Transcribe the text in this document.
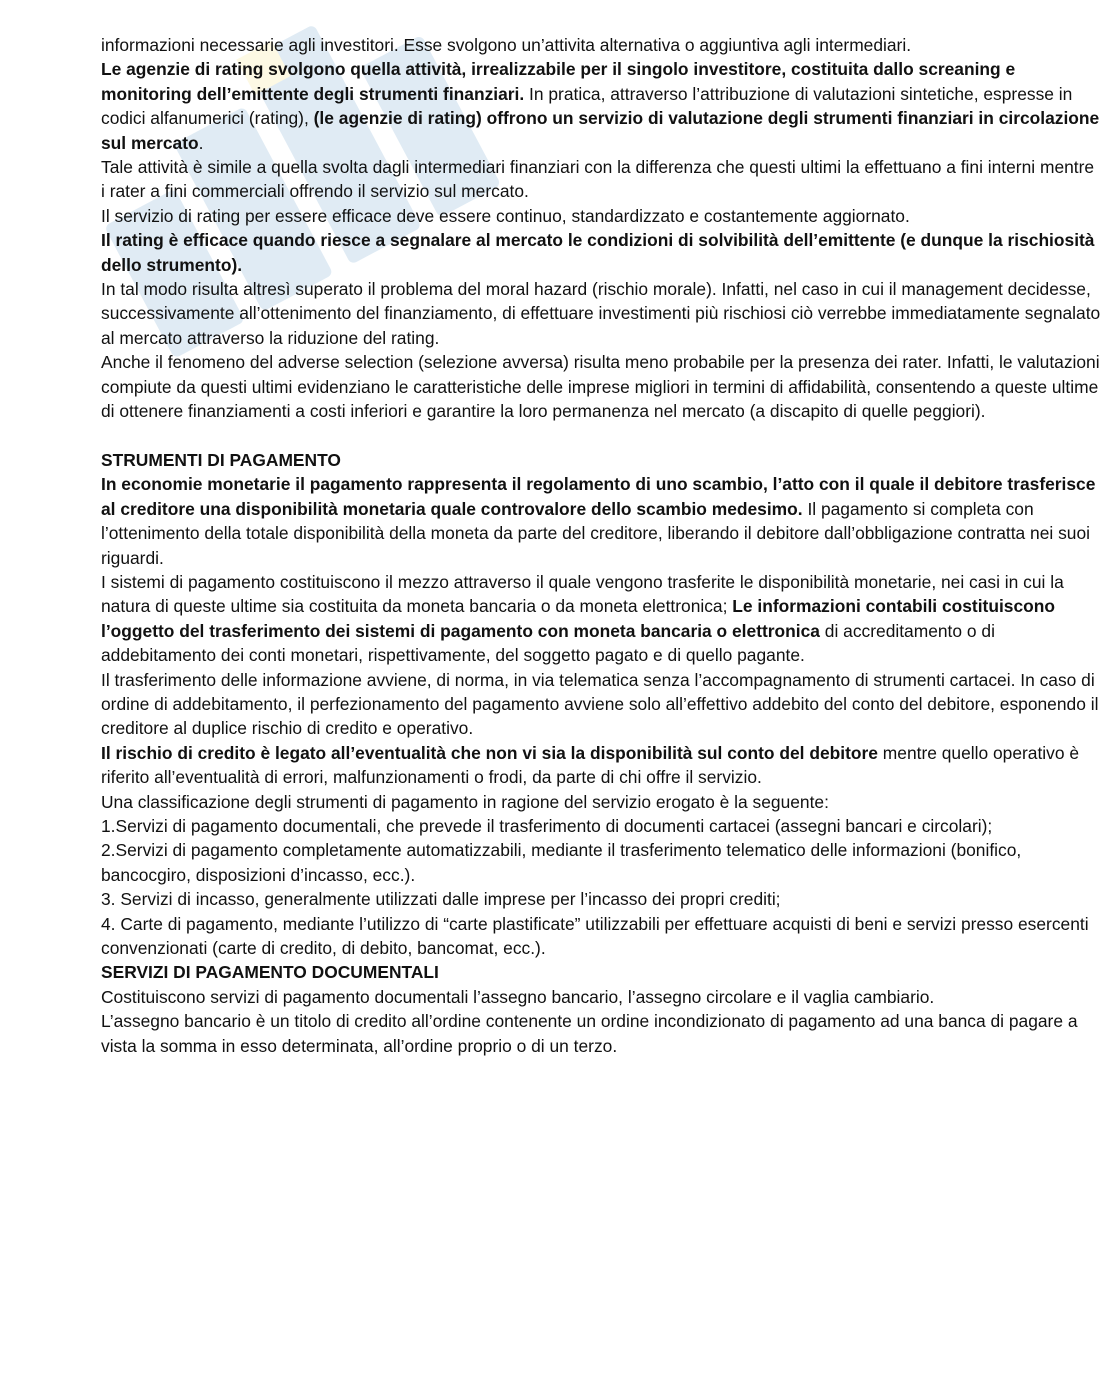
informazioni necessarie agli investitori. Esse svolgono un’attivita alternativa o aggiuntiva agli intermediari.

Le agenzie di rating svolgono quella attività, irrealizzabile per il singolo investitore, costituita dallo screaning e monitoring dell’emittente degli strumenti finanziari. In pratica, attraverso l’attribuzione di valutazioni sintetiche, espresse in codici alfanumerici (rating), (le agenzie di rating) offrono un servizio di valutazione degli strumenti finanziari in circolazione sul mercato.

Tale attività è simile a quella svolta dagli intermediari finanziari con la differenza che questi ultimi la effettuano a fini interni mentre i rater a fini commerciali offrendo il servizio sul mercato.

Il servizio di rating per essere efficace deve essere continuo, standardizzato e costantemente aggiornato.

Il rating è efficace quando riesce a segnalare al mercato le condizioni di solvibilità dell’emittente (e dunque la rischiosità dello strumento).

In tal modo risulta altresì superato il problema del moral hazard (rischio morale). Infatti, nel caso in cui il management decidesse, successivamente all’ottenimento del finanziamento, di effettuare investimenti più rischiosi ciò verrebbe immediatamente segnalato al mercato attraverso la riduzione del rating.

Anche il fenomeno del adverse selection (selezione avversa) risulta meno probabile per la presenza dei rater. Infatti, le valutazioni compiute da questi ultimi evidenziano le caratteristiche delle imprese migliori in termini di affidabilità, consentendo a queste ultime di ottenere finanziamenti a costi inferiori e garantire la loro permanenza nel mercato (a discapito di quelle peggiori).

STRUMENTI DI PAGAMENTO

In economie monetarie il pagamento rappresenta il regolamento di uno scambio, l’atto con il quale il debitore trasferisce al creditore una disponibilità monetaria quale controvalore dello scambio medesimo. Il pagamento si completa con l’ottenimento della totale disponibilità della moneta da parte del creditore, liberando il debitore dall’obbligazione contratta nei suoi riguardi.

I sistemi di pagamento costituiscono il mezzo attraverso il quale vengono trasferite le disponibilità monetarie, nei casi in cui la natura di queste ultime sia costituita da moneta bancaria o da moneta elettronica; Le informazioni contabili costituiscono l’oggetto del trasferimento dei sistemi di pagamento con moneta bancaria o elettronica di accreditamento o di addebitamento dei conti monetari, rispettivamente, del soggetto pagato e di quello pagante.

Il trasferimento delle informazione avviene, di norma, in via telematica senza l’accompagnamento di strumenti cartacei. In caso di ordine di addebitamento, il perfezionamento del pagamento avviene solo all’effettivo addebito del conto del debitore, esponendo il creditore al duplice rischio di credito e operativo.

Il rischio di credito è legato all’eventualità che non vi sia la disponibilità sul conto del debitore mentre quello operativo è riferito all’eventualità di errori, malfunzionamenti o frodi, da parte di chi offre il servizio.

Una classificazione degli strumenti di pagamento in ragione del servizio erogato è la seguente:

1.Servizi di pagamento documentali, che prevede il trasferimento di documenti cartacei (assegni bancari e circolari);

2.Servizi di pagamento completamente automatizzabili, mediante il trasferimento telematico delle informazioni (bonifico, bancocgiro, disposizioni d’incasso, ecc.).

3. Servizi di incasso, generalmente utilizzati dalle imprese per l’incasso dei propri crediti;

4. Carte di pagamento, mediante l’utilizzo di “carte plastificate” utilizzabili per effettuare acquisti di beni e servizi presso esercenti convenzionati (carte di credito, di debito, bancomat, ecc.).

SERVIZI DI PAGAMENTO DOCUMENTALI

Costituiscono servizi di pagamento documentali l’assegno bancario, l’assegno circolare e il vaglia cambiario.

L’assegno bancario è un titolo di credito all’ordine contenente un ordine incondizionato di pagamento ad una banca di pagare a vista la somma in esso determinata, all’ordine proprio o di un terzo.
